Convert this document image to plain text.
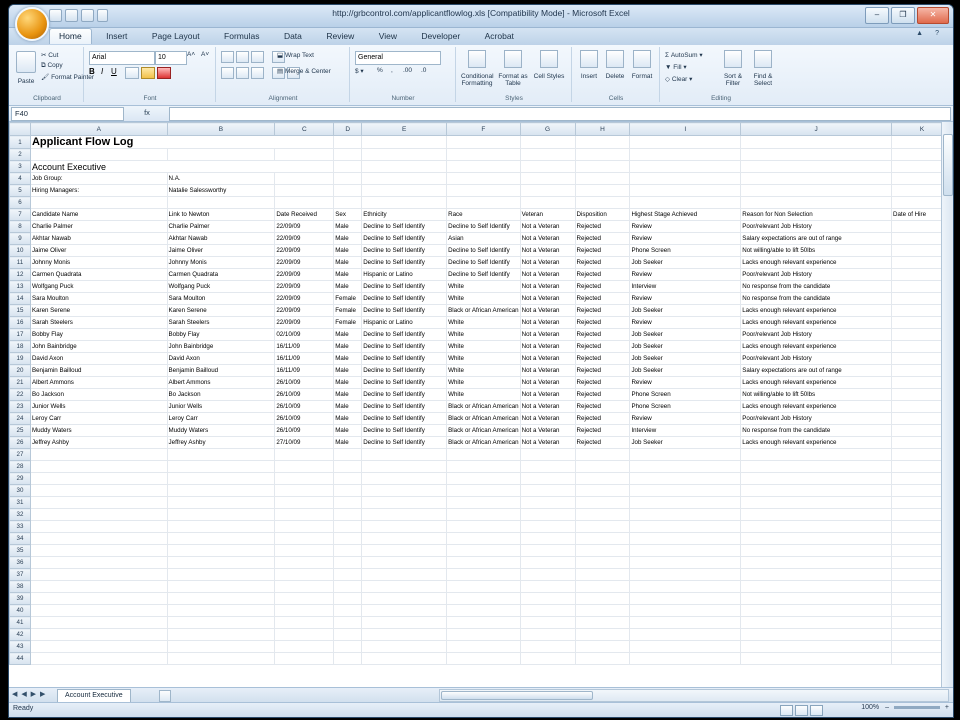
http://grbcontrol.com/applicantflowlog.xls [Compatibility Mode] - Microsoft Excel	–	❐	✕
Home	Insert	Page Layout	Formulas	Data	Review	View	Developer	Acrobat	?
▲
Paste
✂ Cut
⧉ Copy
🖌 Format Painter
Clipboard
Arial	10	A˄ A˅
B I U
Font
⬓ Wrap Text
▤ Merge & Center
Alignment
General
$ ▾ % , .00 .0
Number
Conditional Formatting
Format as Table
Cell Styles
Styles
Insert	Delete	Format
Cells
Σ AutoSum ▾
▼ Fill ▾
◇ Clear ▾	Sort & Filter
Find & Select
Editing
F40	fx
	A	B	C	D	E	F	G	H	I	J	K
1	Applicant Flow Log										
2											
3	Account Executive										
4	Job Group:	N.A.									
5	Hiring Managers:	Natalie Salessworthy									
6											
7	Candidate Name	Link to Newton	Date Received	Sex	Ethnicity	Race	Veteran	Disposition	Highest Stage Achieved	Reason for Non Selection	Date of Hire
8	Charlie Palmer	Charlie Palmer	22/09/09	Male	Decline to Self Identify	Decline to Self Identify	Not a Veteran	Rejected	Review	Poor/relevant Job History	
9	Akhtar Nawab	Akhtar Nawab	22/09/09	Male	Decline to Self Identify	Asian	Not a Veteran	Rejected	Review	Salary expectations are out of range	
10	Jaime Oliver	Jaime Oliver	22/09/09	Male	Decline to Self Identify	Decline to Self Identify	Not a Veteran	Rejected	Phone Screen	Not willing/able to lift 50lbs	
11	Johnny Monis	Johnny Monis	22/09/09	Male	Decline to Self Identify	Decline to Self Identify	Not a Veteran	Rejected	Job Seeker	Lacks enough relevant experience	
12	Carmen Quadrata	Carmen Quadrata	22/09/09	Male	Hispanic or Latino	Decline to Self Identify	Not a Veteran	Rejected	Review	Poor/relevant Job History	
13	Wolfgang Puck	Wolfgang Puck	22/09/09	Male	Decline to Self Identify	White	Not a Veteran	Rejected	Interview	No response from the candidate	
14	Sara Moulton	Sara Moulton	22/09/09	Female	Decline to Self Identify	White	Not a Veteran	Rejected	Review	No response from the candidate	
15	Karen Serene	Karen Serene	22/09/09	Female	Decline to Self Identify	Black or African American	Not a Veteran	Rejected	Job Seeker	Lacks enough relevant experience	
16	Sarah Steelers	Sarah Steelers	22/09/09	Female	Hispanic or Latino	White	Not a Veteran	Rejected	Review	Lacks enough relevant experience	
17	Bobby Flay	Bobby Flay	02/10/09	Male	Decline to Self Identify	White	Not a Veteran	Rejected	Job Seeker	Poor/relevant Job History	
18	John Bainbridge	John Bainbridge	16/11/09	Male	Decline to Self Identify	White	Not a Veteran	Rejected	Job Seeker	Lacks enough relevant experience	
19	David Axon	David Axon	16/11/09	Male	Decline to Self Identify	White	Not a Veteran	Rejected	Job Seeker	Poor/relevant Job History	
20	Benjamin Bailloud	Benjamin Bailloud	16/11/09	Male	Decline to Self Identify	White	Not a Veteran	Rejected	Job Seeker	Salary expectations are out of range	
21	Albert Ammons	Albert Ammons	26/10/09	Male	Decline to Self Identify	White	Not a Veteran	Rejected	Review	Lacks enough relevant experience	
22	Bo Jackson	Bo Jackson	26/10/09	Male	Decline to Self Identify	White	Not a Veteran	Rejected	Phone Screen	Not willing/able to lift 50lbs	
23	Junior Wells	Junior Wells	26/10/09	Male	Decline to Self Identify	Black or African American	Not a Veteran	Rejected	Phone Screen	Lacks enough relevant experience	
24	Leroy Carr	Leroy Carr	26/10/09	Male	Decline to Self Identify	Black or African American	Not a Veteran	Rejected	Review	Poor/relevant Job History	
25	Muddy Waters	Muddy Waters	26/10/09	Male	Decline to Self Identify	Black or African American	Not a Veteran	Rejected	Interview	No response from the candidate	
26	Jeffrey Ashby	Jeffrey Ashby	27/10/09	Male	Decline to Self Identify	Black or African American	Not a Veteran	Rejected	Job Seeker	Lacks enough relevant experience	
27											
28											
29											
30											
31											
32											
33											
34											
35											
36											
37											
38											
39											
40											
41											
42											
43											
44											
◀ ◀ ▶ ▶	Account Executive
Ready	100% –	+
